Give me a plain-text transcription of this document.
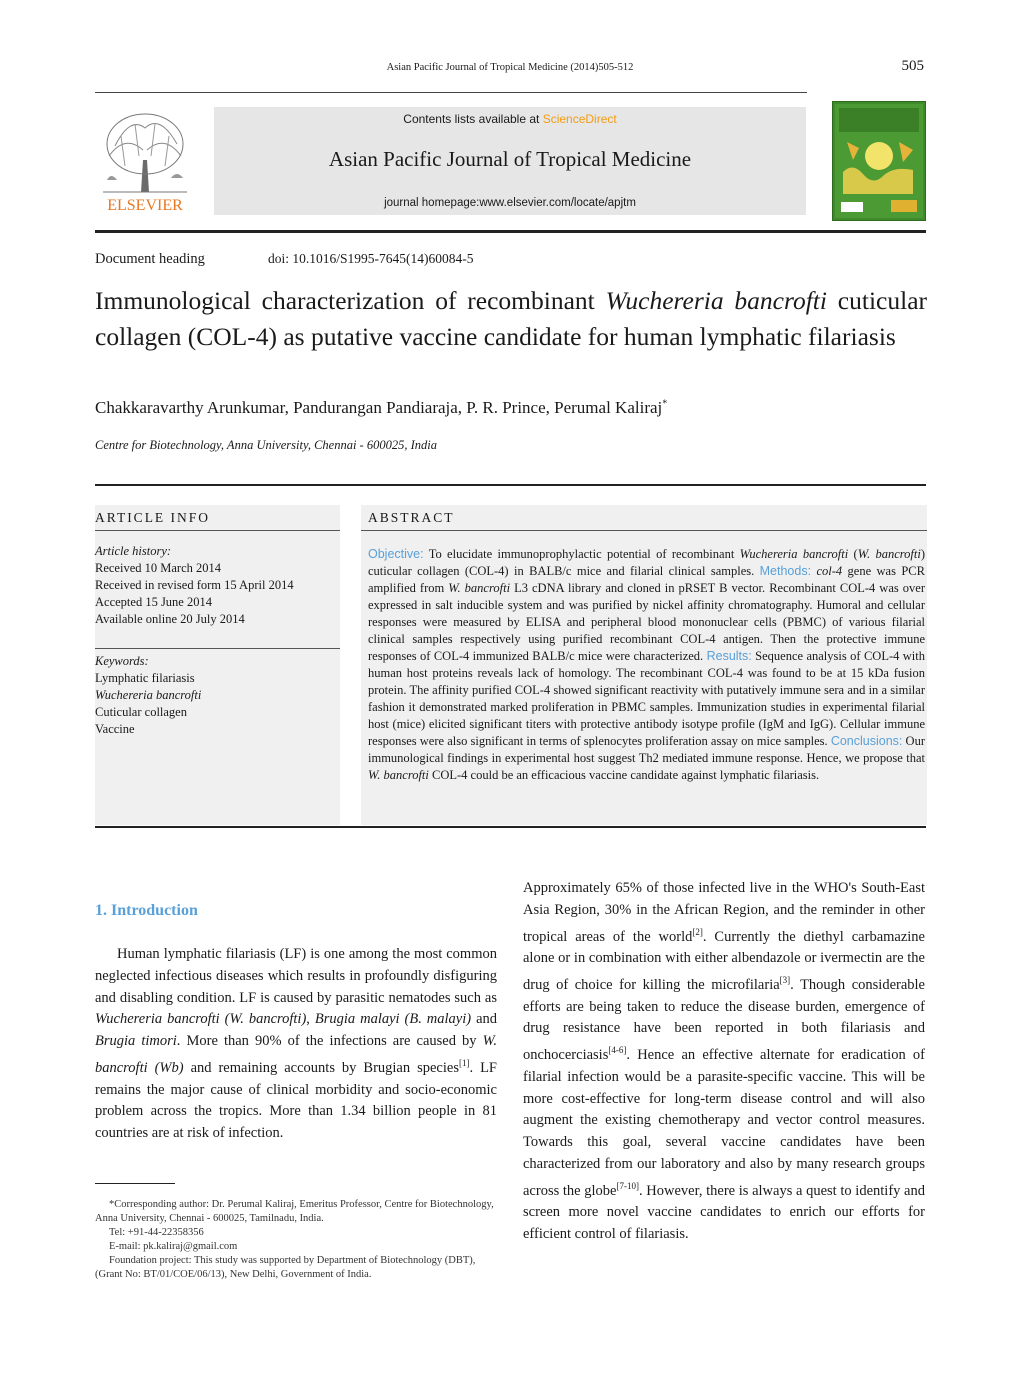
Asian Pacific Journal of Tropical Medicine (2014)505-512	505
ELSEVIER
Contents lists available at ScienceDirect
Asian Pacific Journal of Tropical Medicine
journal homepage:www.elsevier.com/locate/apjtm
Document heading	doi: 10.1016/S1995-7645(14)60084-5
Immunological characterization of recombinant Wuchereria bancrofti cuticular collagen (COL-4) as putative vaccine candidate for human lymphatic filariasis
Chakkaravarthy Arunkumar, Pandurangan Pandiaraja, P. R. Prince, Perumal Kaliraj*
Centre for Biotechnology, Anna University, Chennai - 600025, India
ARTICLE INFO	ABSTRACT
Article history:
Received 10 March 2014
Received in revised form 15 April 2014
Accepted 15 June 2014
Available online 20 July 2014
Keywords:
Lymphatic filariasis
Wuchereria bancrofti
Cuticular collagen
Vaccine
Objective: To elucidate immunoprophylactic potential of recombinant Wuchereria bancrofti (W. bancrofti) cuticular collagen (COL-4) in BALB/c mice and filarial clinical samples. Methods: col-4 gene was PCR amplified from W. bancrofti L3 cDNA library and cloned in pRSET B vector. Recombinant COL-4 was over expressed in salt inducible system and was purified by nickel affinity chromatography. Humoral and cellular responses were measured by ELISA and peripheral blood mononuclear cells (PBMC) of various filarial clinical samples respectively using purified recombinant COL-4 antigen. Then the protective immune responses of COL-4 immunized BALB/c mice were characterized. Results: Sequence analysis of COL-4 with human host proteins reveals lack of homology. The recombinant COL-4 was found to be at 15 kDa fusion protein. The affinity purified COL-4 showed significant reactivity with putatively immune sera and in a similar fashion it demonstrated marked proliferation in PBMC samples. Immunization studies in experimental filarial host (mice) elicited significant titers with protective antibody isotype profile (IgM and IgG). Cellular immune responses were also significant in terms of splenocytes proliferation assay on mice samples. Conclusions: Our immunological findings in experimental host suggest Th2 mediated immune response. Hence, we propose that W. bancrofti COL-4 could be an efficacious vaccine candidate against lymphatic filariasis.
1. Introduction
Human lymphatic filariasis (LF) is one among the most common neglected infectious diseases which results in profoundly disfiguring and disabling condition. LF is caused by parasitic nematodes such as Wuchereria bancrofti (W. bancrofti), Brugia malayi (B. malayi) and Brugia timori. More than 90% of the infections are caused by W. bancrofti (Wb) and remaining accounts by Brugian species[1]. LF remains the major cause of clinical morbidity and socio-economic problem across the tropics. More than 1.34 billion people in 81 countries are at risk of infection.
Approximately 65% of those infected live in the WHO's South-East Asia Region, 30% in the African Region, and the reminder in other tropical areas of the world[2]. Currently the diethyl carbamazine alone or in combination with either albendazole or ivermectin are the drug of choice for killing the microfilaria[3]. Though considerable efforts are being taken to reduce the disease burden, emergence of drug resistance have been reported in both filariasis and onchocerciasis[4-6]. Hence an effective alternate for eradication of filarial infection would be a parasite-specific vaccine. This will be more cost-effective for long-term disease control and will also augment the existing chemotherapy and vector control measures. Towards this goal, several vaccine candidates have been characterized from our laboratory and also by many research groups across the globe[7-10]. However, there is always a quest to identify and screen more novel vaccine candidates to enrich our efforts for efficient control of filariasis.

*Corresponding author: Dr. Perumal Kaliraj, Emeritus Professor, Centre for Biotechnology, Anna University, Chennai - 600025, Tamilnadu, India.

Tel: +91-44-22358356

E-mail: pk.kaliraj@gmail.com

Foundation project: This study was supported by Department of Biotechnology (DBT), (Grant No: BT/01/COE/06/13), New Delhi, Government of India.
